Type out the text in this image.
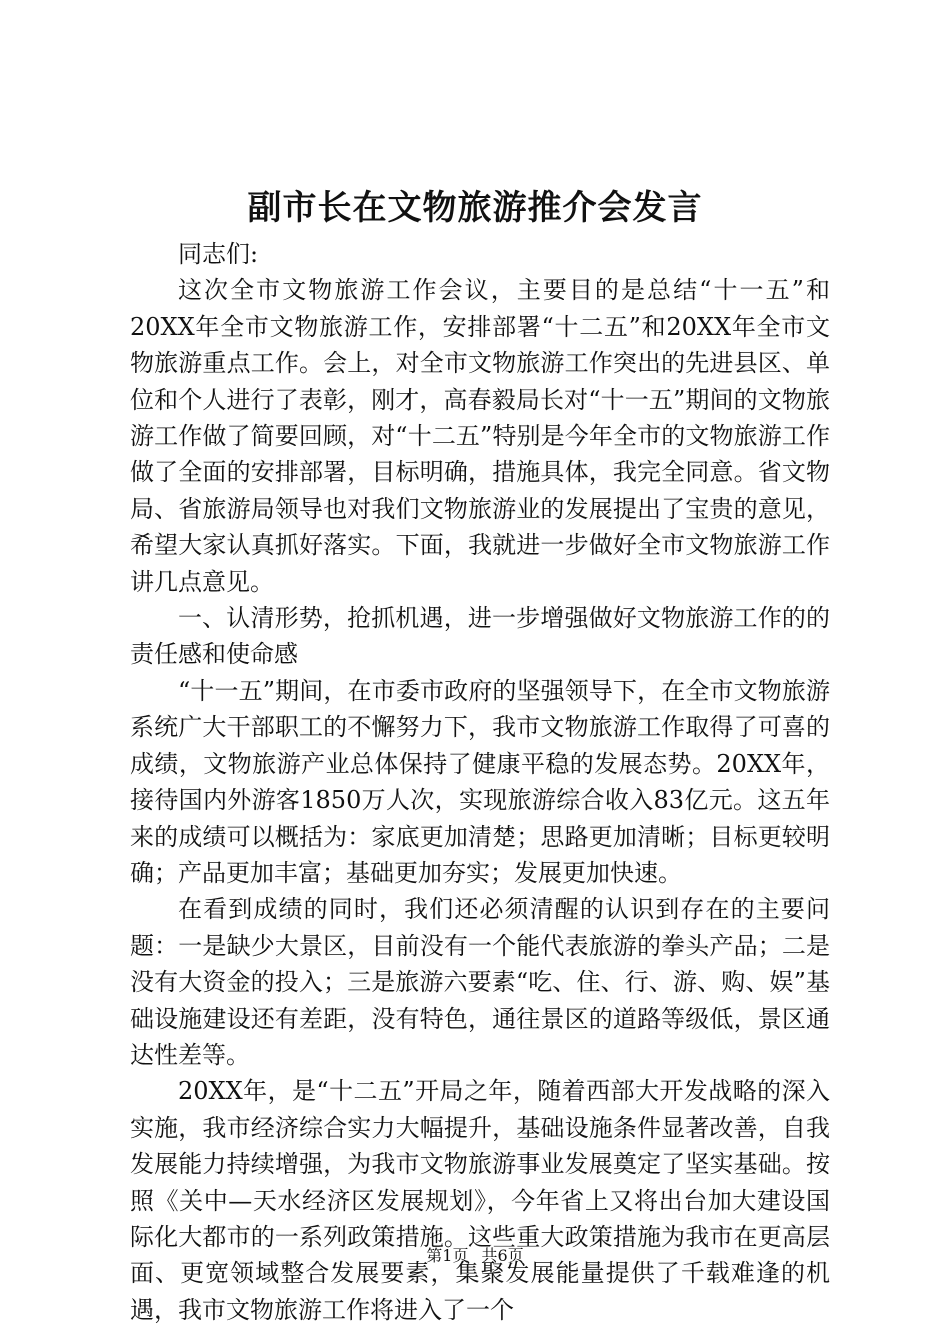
副市长在文物旅游推介会发言

同志们:

这次全市文物旅游工作会议，主要目的是总结“十一五”和20XX年全市文物旅游工作，安排部署“十二五”和20XX年全市文物旅游重点工作。会上，对全市文物旅游工作突出的先进县区、单位和个人进行了表彰，刚才，高春毅局长对“十一五”期间的文物旅游工作做了简要回顾，对“十二五”特别是今年全市的文物旅游工作做了全面的安排部署，目标明确，措施具体，我完全同意。省文物局、省旅游局领导也对我们文物旅游业的发展提出了宝贵的意见，希望大家认真抓好落实。下面，我就进一步做好全市文物旅游工作讲几点意见。

一、认清形势，抢抓机遇，进一步增强做好文物旅游工作的的责任感和使命感

“十一五”期间，在市委市政府的坚强领导下，在全市文物旅游系统广大干部职工的不懈努力下，我市文物旅游工作取得了可喜的成绩，文物旅游产业总体保持了健康平稳的发展态势。20XX年，接待国内外游客1850万人次，实现旅游综合收入83亿元。这五年来的成绩可以概括为：家底更加清楚；思路更加清晰；目标更较明确；产品更加丰富；基础更加夯实；发展更加快速。

在看到成绩的同时，我们还必须清醒的认识到存在的主要问题：一是缺少大景区，目前没有一个能代表旅游的拳头产品；二是没有大资金的投入；三是旅游六要素“吃、住、行、游、购、娱”基础设施建设还有差距，没有特色，通往景区的道路等级低，景区通达性差等。

20XX年，是“十二五”开局之年，随着西部大开发战略的深入实施，我市经济综合实力大幅提升，基础设施条件显著改善，自我发展能力持续增强，为我市文物旅游事业发展奠定了坚实基础。按照《关中—天水经济区发展规划》，今年省上又将出台加大建设国际化大都市的一系列政策措施。这些重大政策措施为我市在更高层面、更宽领域整合发展要素，集聚发展能量提供了千载难逢的机遇，我市文物旅游工作将进入了一个

第1页 共6页
